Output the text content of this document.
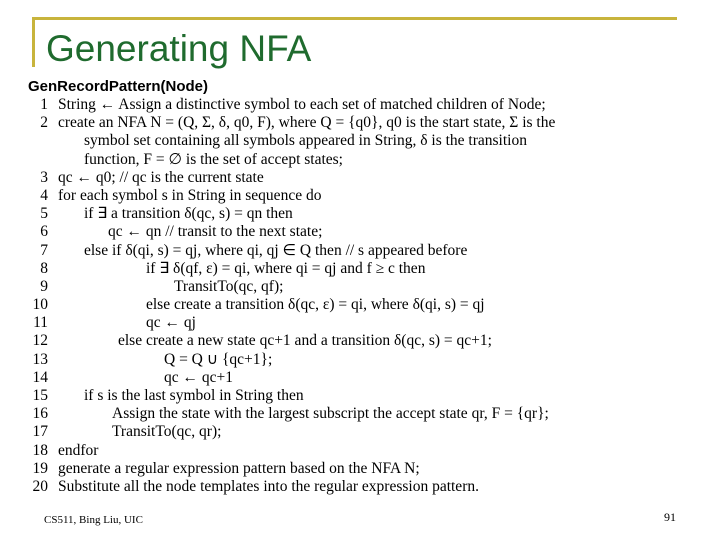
Generating NFA
GenRecordPattern(Node)
1 String ← Assign a distinctive symbol to each set of matched children of Node;
2 create an NFA N = (Q, Σ, δ, q0, F), where Q = {q0}, q0 is the start state, Σ is the
symbol set containing all symbols appeared in String, δ is the transition
function, F = ∅ is the set of accept states;
3 qc ← q0; // qc is the current state
4 for each symbol s in String in sequence do
5 if ∃ a transition δ(qc, s) = qn then
6	qc ← qn // transit to the next state;
7 else if δ(qi, s) = qj, where qi, qj ∈ Q then // s appeared before
8	if ∃ δ(qf, ε) = qi, where qi = qj and f ≥ c then
9	TransitTo(qc, qf);
10	else create a transition δ(qc, ε) = qi, where δ(qi, s) = qj
11	qc ← qj
12	else create a new state qc+1 and a transition δ(qc, s) = qc+1;
13	Q = Q ∪ {qc+1};
14	qc ← qc+1
15 if s is the last symbol in String then
16	Assign the state with the largest subscript the accept state qr, F = {qr};
17	TransitTo(qc, qr);
18 endfor
19 generate a regular expression pattern based on the NFA N;
20 Substitute all the node templates into the regular expression pattern.
CS511, Bing Liu, UIC	91
